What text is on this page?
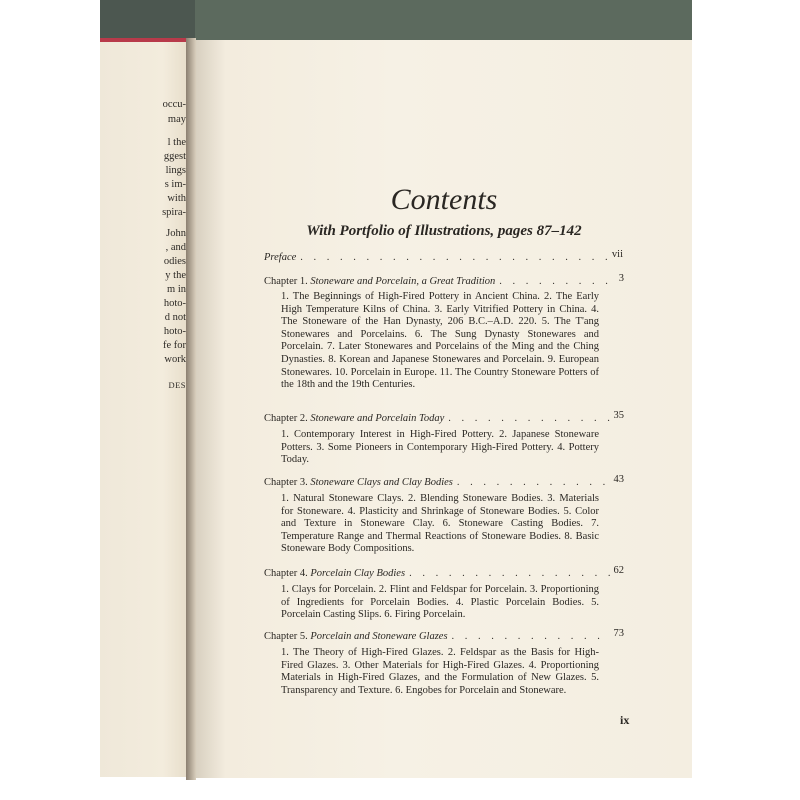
occu-
may
l the
ggest
lings
s im-
with
spira-
John
, and
odies
y the
m in
hoto-
d not
hoto-
fe for
work
DES
Contents
With Portfolio of Illustrations, pages 87–142
Preface . . .	vii
Chapter 1.
Stoneware and Porcelain, a Great Tradition . . .	3

1. The Beginnings of High-Fired Pottery in Ancient China. 2. The Early High Temperature Kilns of China. 3. Early Vitrified Pottery in China. 4. The Stoneware of the Han Dynasty, 206 B.C.–A.D. 220. 5. The T'ang Stonewares and Porcelains. 6. The Sung Dynasty Stonewares and Porcelain. 7. Later Stonewares and Porcelains of the Ming and the Ching Dynasties. 8. Korean and Japanese Stonewares and Porcelain. 9. European Stonewares. 10. Porcelain in Europe. 11. The Country Stoneware Potters of the 18th and the 19th Centuries.

Chapter 2.
Stoneware and Porcelain Today . . .	35

1. Contemporary Interest in High-Fired Pottery. 2. Japanese Stoneware Potters. 3. Some Pioneers in Contemporary High-Fired Pottery. 4. Pottery Today.

Chapter 3.
Stoneware Clays and Clay Bodies . . .	43

1. Natural Stoneware Clays. 2. Blending Stoneware Bodies. 3. Materials for Stoneware. 4. Plasticity and Shrinkage of Stoneware Bodies. 5. Color and Texture in Stoneware Clay. 6. Stoneware Casting Bodies. 7. Temperature Range and Thermal Reactions of Stoneware Bodies. 8. Basic Stoneware Body Compositions.

Chapter 4.
Porcelain Clay Bodies . . .	62

1. Clays for Porcelain. 2. Flint and Feldspar for Porcelain. 3. Proportioning of Ingredients for Porcelain Bodies. 4. Plastic Porcelain Bodies. 5. Porcelain Casting Slips. 6. Firing Porcelain.

Chapter 5.
Porcelain and Stoneware Glazes . . .	73

1. The Theory of High-Fired Glazes. 2. Feldspar as the Basis for High-Fired Glazes. 3. Other Materials for High-Fired Glazes. 4. Proportioning Materials in High-Fired Glazes, and the Formulation of New Glazes. 5. Transparency and Texture. 6. Engobes for Porcelain and Stoneware.

ix
